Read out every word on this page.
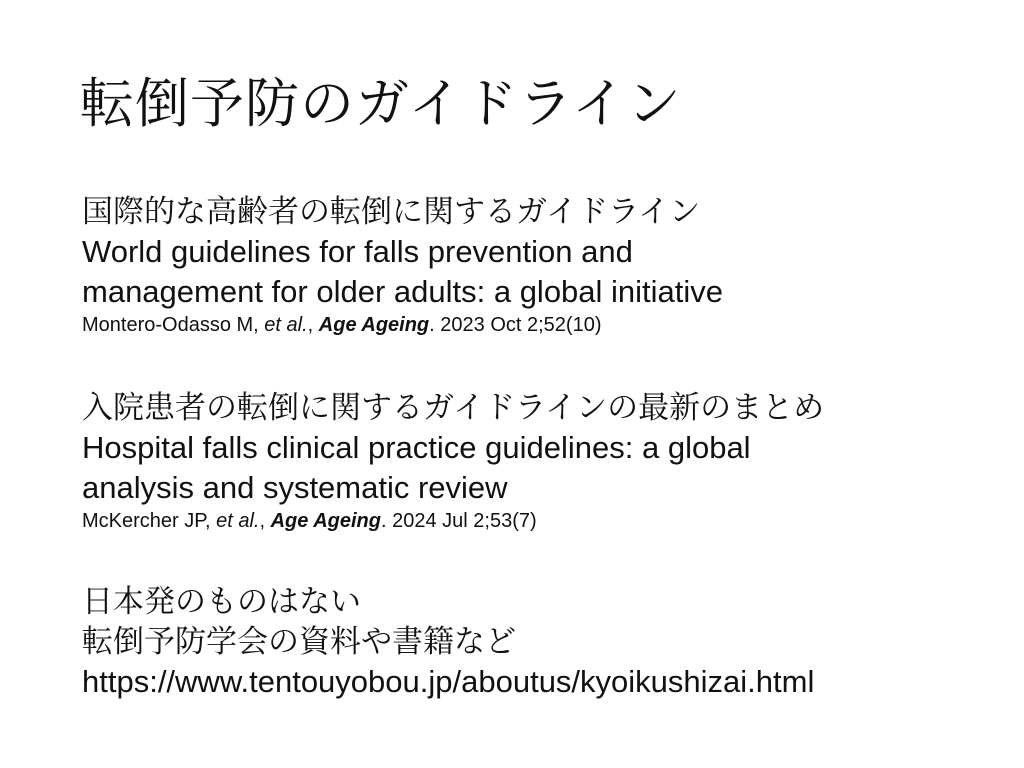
転倒予防のガイドライン
国際的な高齢者の転倒に関するガイドライン
World guidelines for falls prevention and
management for older adults: a global initiative
Montero-Odasso M, et al., Age Ageing. 2023 Oct 2;52(10)
入院患者の転倒に関するガイドラインの最新のまとめ
Hospital falls clinical practice guidelines: a global
analysis and systematic review
McKercher JP, et al., Age Ageing. 2024 Jul 2;53(7)
日本発のものはない
転倒予防学会の資料や書籍など
https://www.tentouyobou.jp/aboutus/kyoikushizai.html
